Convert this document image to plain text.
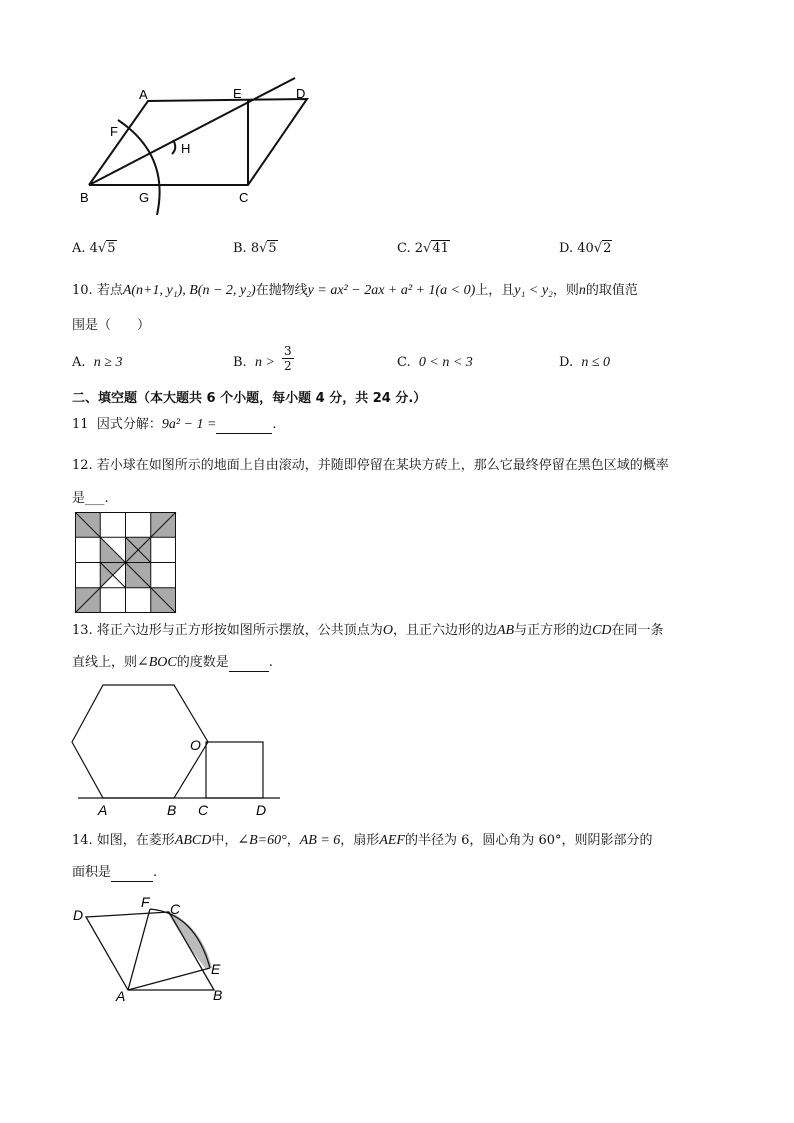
A	E	D
F
H
B	G	C
A. 4√5	B. 8√5	C. 2√41	D. 40√2
10. 若点A(n+1, y₁), B(n − 2, y₂)在抛物线y = ax² − 2ax + a² + 1(a < 0)上，且y₁ < y₂，则n的取值范
围是（　　）
A. n ≥ 3	B. $n > \frac{3}{2}$	C. 0 < n < 3	D. n ≤ 0
二、填空题（本大题共 6 个小题，每小题 4 分，共 24 分.）
11 因式分解：9a² − 1 =	.
12. 若小球在如图所示的地面上自由滚动，并随即停留在某块方砖上，那么它最终停留在黑色区域的概率
是___.
13. 将正六边形与正方形按如图所示摆放，公共顶点为O，且正六边形的边AB与正方形的边CD在同一条
直线上，则∠BOC的度数是	.
O
A	B C	D
14. 如图，在菱形ABCD中，∠B=60°，AB = 6，扇形AEF的半径为 6，圆心角为 60°，则阴影部分的
面积是	.
D
F C
E
A	B
